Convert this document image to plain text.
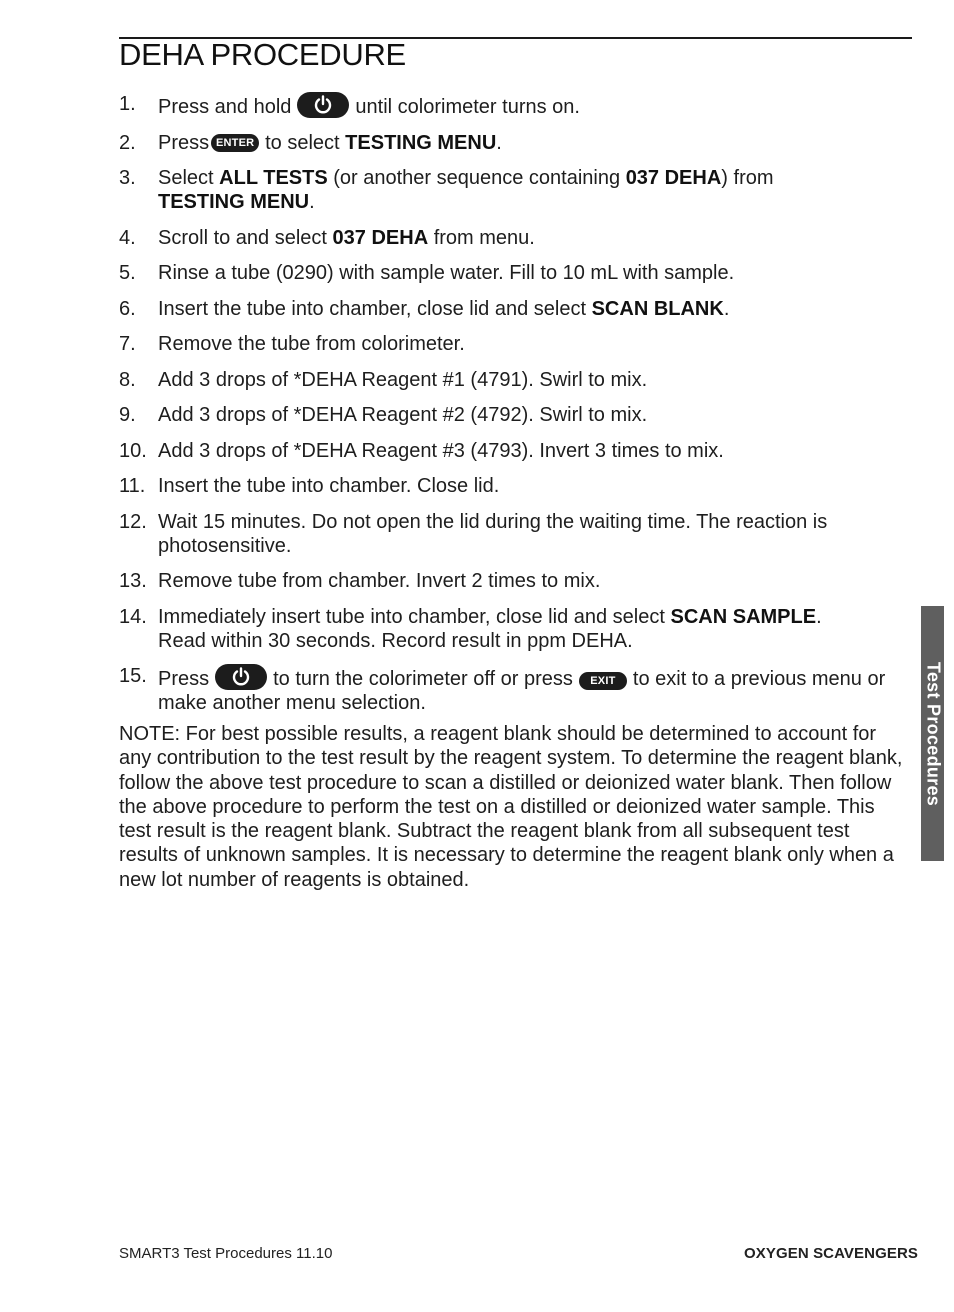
DEHA PROCEDURE
1. Press and hold	until colorimeter turns on.
2. Press ENTER to select TESTING MENU.
3. Select ALL TESTS (or another sequence containing 037 DEHA) from
TESTING MENU.
4. Scroll to and select 037 DEHA from menu.
5. Rinse a tube (0290) with sample water. Fill to 10 mL with sample.
6. Insert the tube into chamber, close lid and select SCAN BLANK.
7. Remove the tube from colorimeter.
8. Add 3 drops of *DEHA Reagent #1 (4791). Swirl to mix.
9. Add 3 drops of *DEHA Reagent #2 (4792). Swirl to mix.
10. Add 3 drops of *DEHA Reagent #3 (4793). Invert 3 times to mix.
11. Insert the tube into chamber. Close lid.
12. Wait 15 minutes. Do not open the lid during the waiting time. The reaction is photosensitive.
13. Remove tube from chamber. Invert 2 times to mix.
14. Immediately insert tube into chamber, close lid and select SCAN SAMPLE.
Read within 30 seconds. Record result in ppm DEHA.
15. Press	to turn the colorimeter off or press EXIT to exit to a previous menu or make another menu selection.

NOTE: For best possible results, a reagent blank should be determined to account for any contribution to the test result by the reagent system. To determine the reagent blank, follow the above test procedure to scan a distilled or deionized water blank. Then follow the above procedure to perform the test on a distilled or deionized water sample. This test result is the reagent blank. Subtract the reagent blank from all subsequent test results of unknown samples. It is necessary to determine the reagent blank only when a new lot number of reagents is obtained.

Test Procedures
SMART3 Test Procedures 11.10	OXYGEN SCAVENGERS
